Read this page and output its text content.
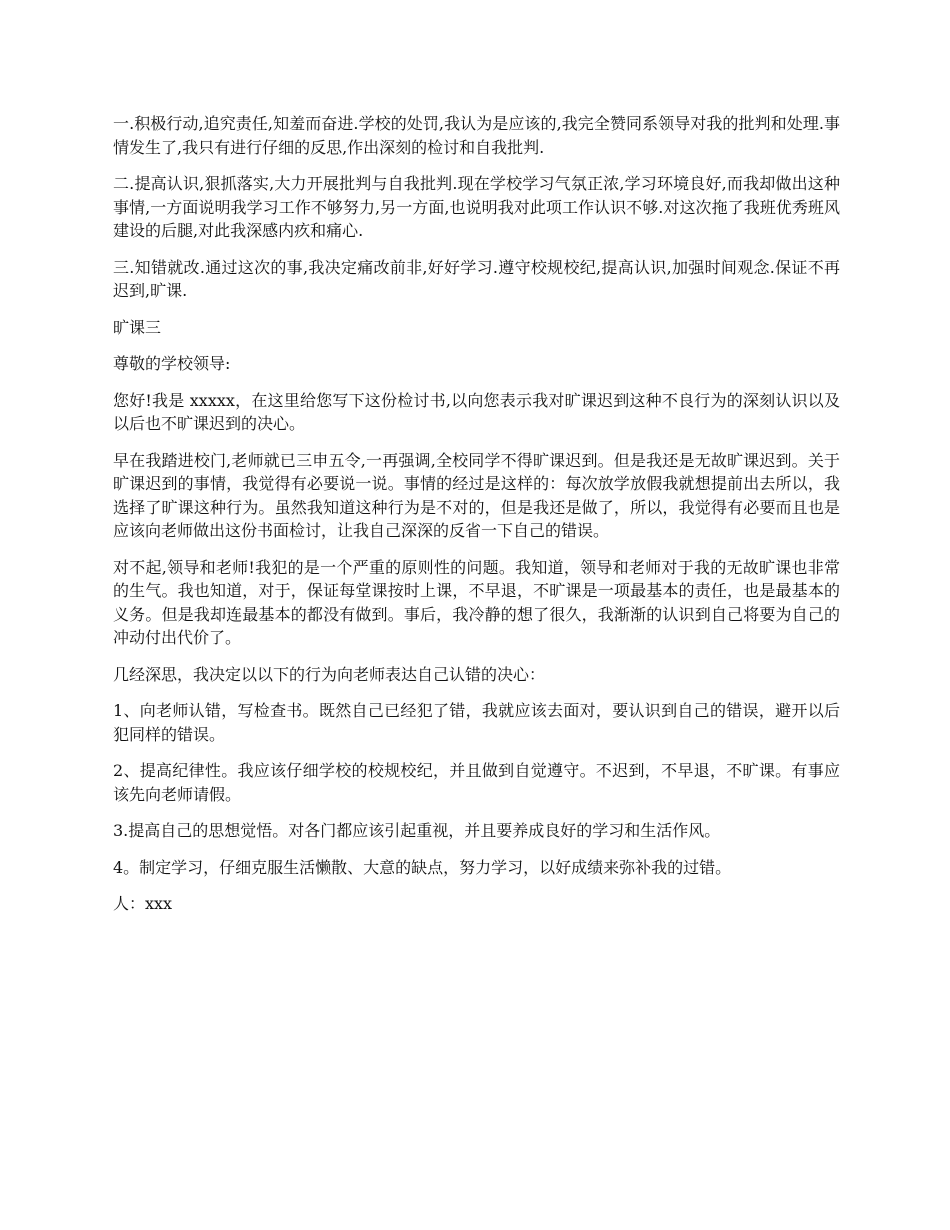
一.积极行动,追究责任,知羞而奋进.学校的处罚,我认为是应该的,我完全赞同系领导对我的批判和处理.事情发生了,我只有进行仔细的反思,作出深刻的检讨和自我批判.

二.提高认识,狠抓落实,大力开展批判与自我批判.现在学校学习气氛正浓,学习环境良好,而我却做出这种事情,一方面说明我学习工作不够努力,另一方面,也说明我对此项工作认识不够.对这次拖了我班优秀班风建设的后腿,对此我深感内疚和痛心.

三.知错就改.通过这次的事,我决定痛改前非,好好学习.遵守校规校纪,提高认识,加强时间观念.保证不再迟到,旷课.

旷课三

尊敬的学校领导:

您好!我是 xxxxx，在这里给您写下这份检讨书,以向您表示我对旷课迟到这种不良行为的深刻认识以及以后也不旷课迟到的决心。

早在我踏进校门,老师就已三申五令,一再强调,全校同学不得旷课迟到。但是我还是无故旷课迟到。关于旷课迟到的事情，我觉得有必要说一说。事情的经过是这样的：每次放学放假我就想提前出去所以，我选择了旷课这种行为。虽然我知道这种行为是不对的，但是我还是做了，所以，我觉得有必要而且也是应该向老师做出这份书面检讨，让我自己深深的反省一下自己的错误。

对不起,领导和老师!我犯的是一个严重的原则性的问题。我知道，领导和老师对于我的无故旷课也非常的生气。我也知道，对于，保证每堂课按时上课，不早退，不旷课是一项最基本的责任，也是最基本的义务。但是我却连最基本的都没有做到。事后，我冷静的想了很久，我渐渐的认识到自己将要为自己的冲动付出代价了。

几经深思，我决定以以下的行为向老师表达自己认错的决心：

1、向老师认错，写检查书。既然自己已经犯了错，我就应该去面对，要认识到自己的错误，避开以后犯同样的错误。

2、提高纪律性。我应该仔细学校的校规校纪，并且做到自觉遵守。不迟到，不早退，不旷课。有事应该先向老师请假。

3.提高自己的思想觉悟。对各门都应该引起重视，并且要养成良好的学习和生活作风。

4。制定学习，仔细克服生活懒散、大意的缺点，努力学习，以好成绩来弥补我的过错。

人：xxx
